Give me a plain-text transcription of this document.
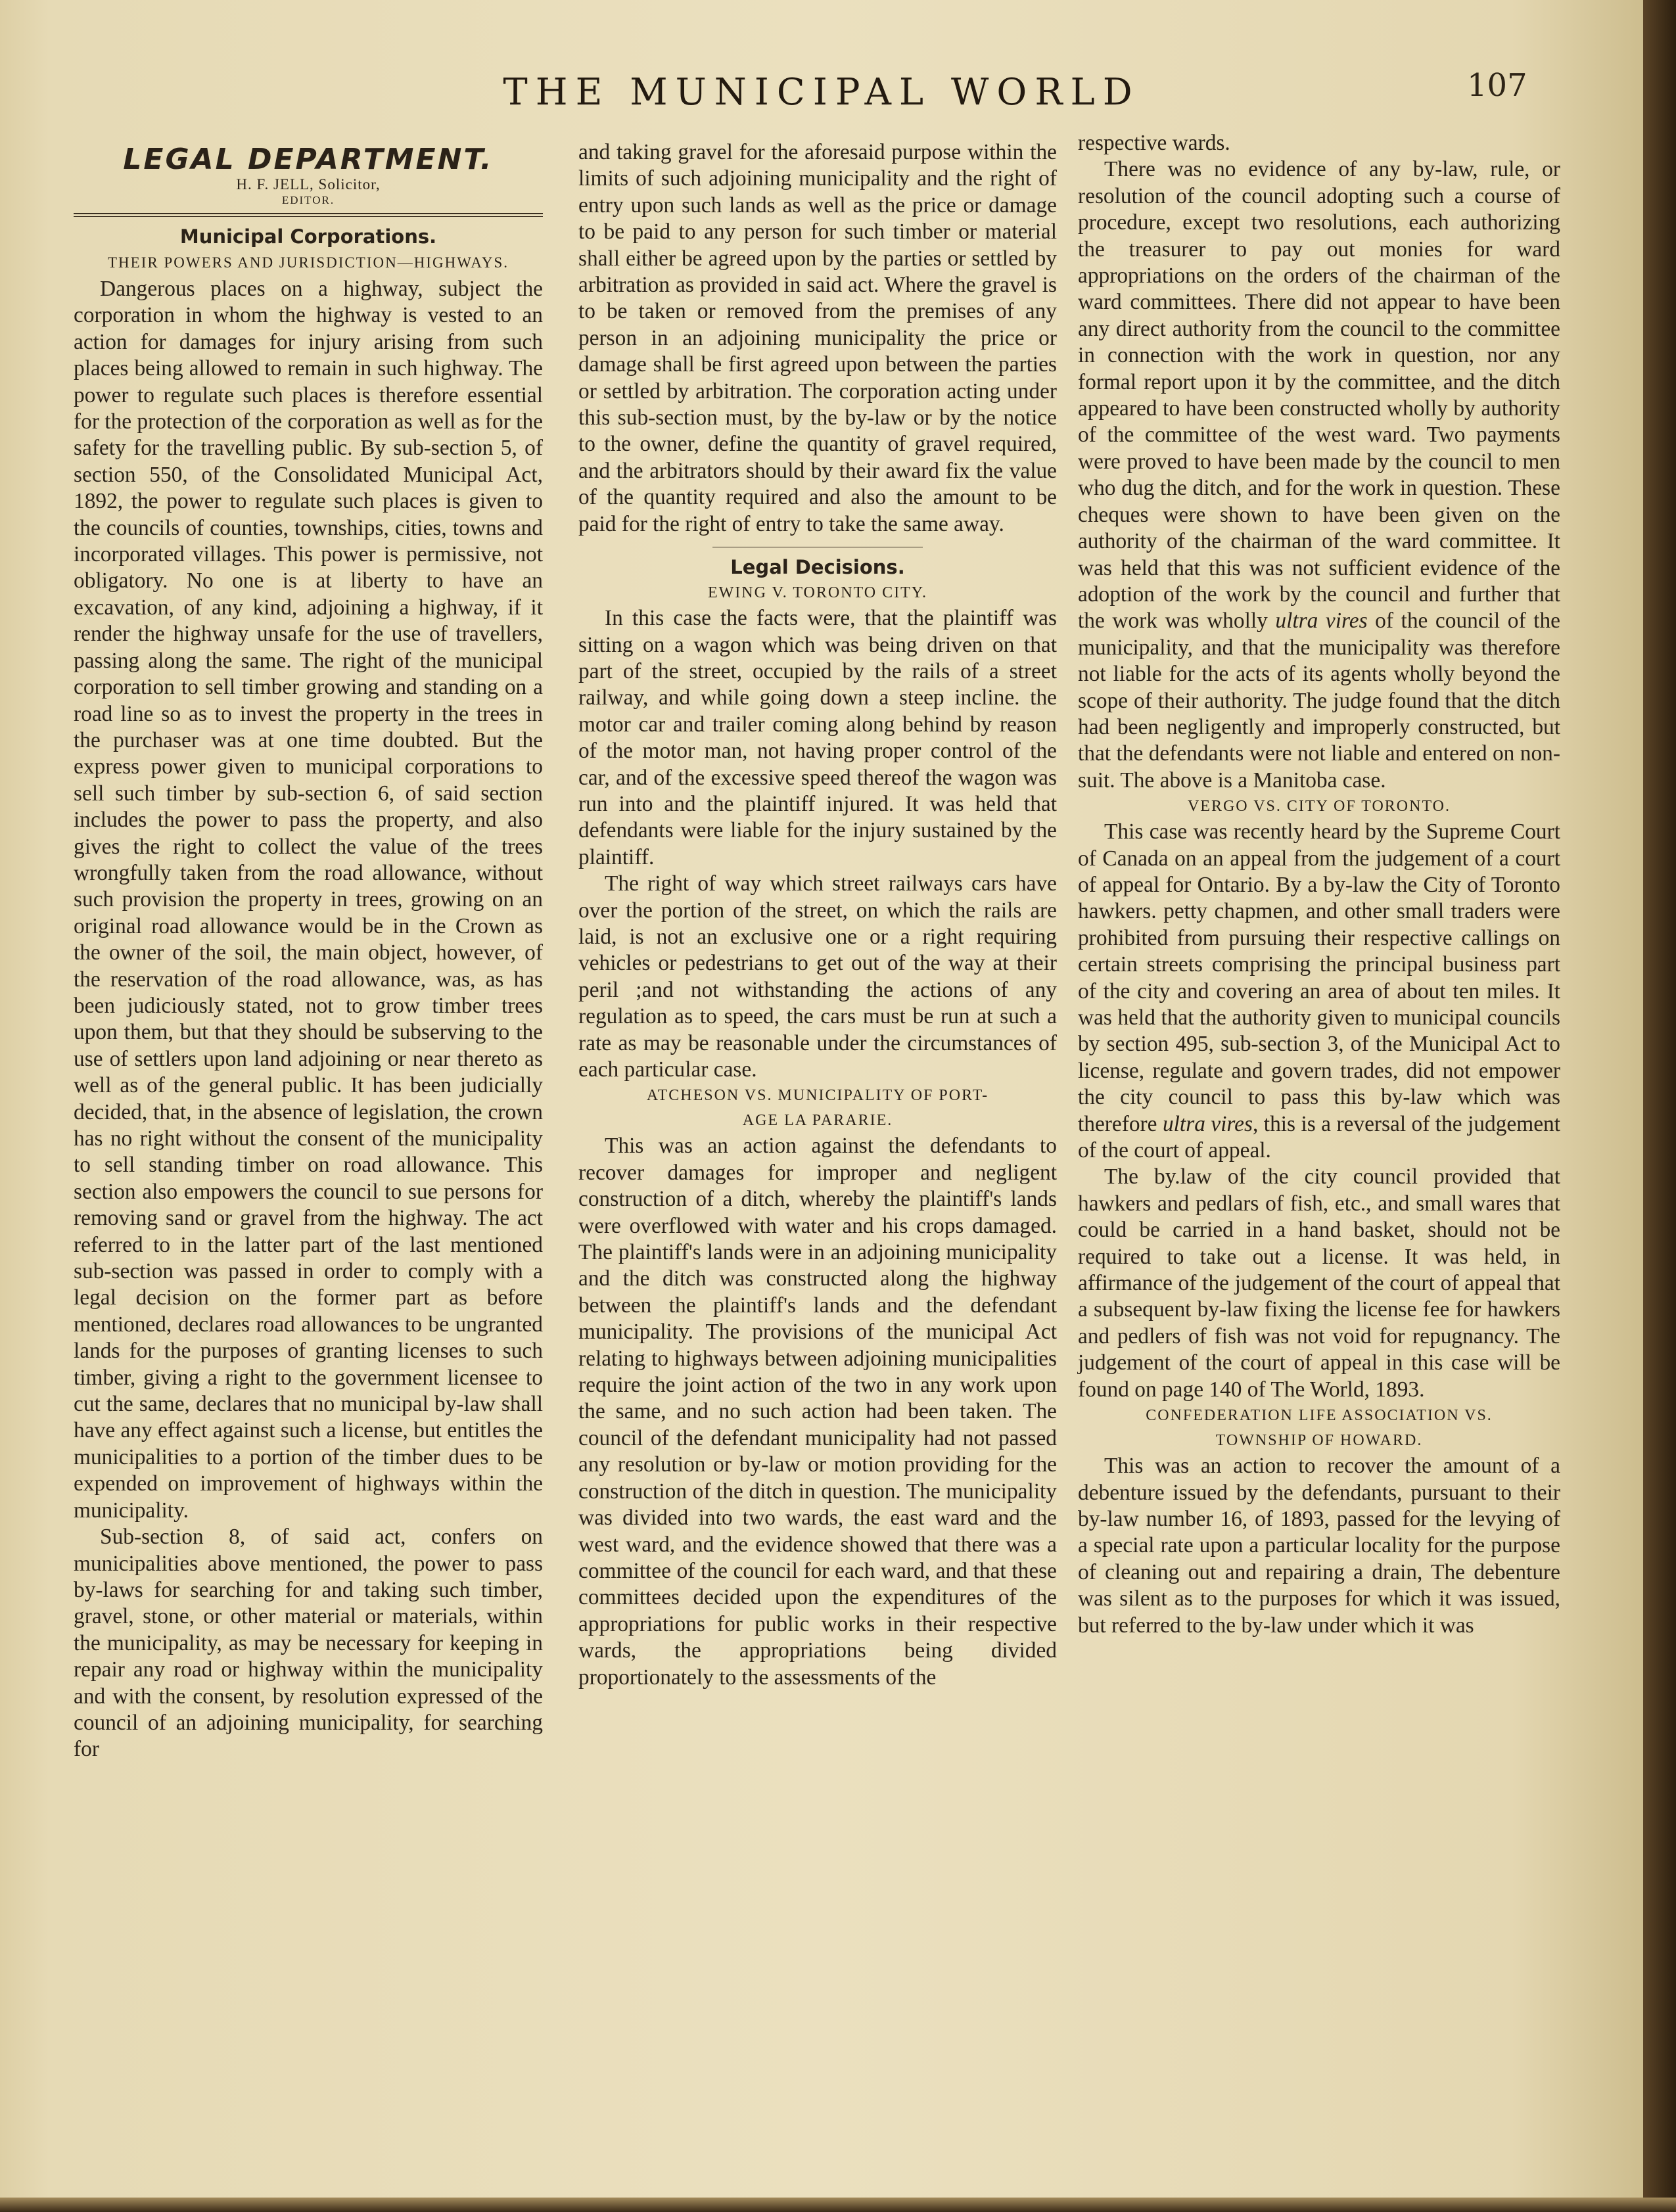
THE MUNICIPAL WORLD	107
LEGAL DEPARTMENT.
H. F. JELL, Solicitor,
EDITOR.
Municipal Corporations.
THEIR POWERS AND JURISDICTION—HIGHWAYS.

Dangerous places on a highway, subject the corporation in whom the highway is vested to an action for damages for injury arising from such places being allowed to remain in such highway. The power to regulate such places is therefore essential for the protection of the corporation as well as for the safety for the travelling public. By sub-section 5, of section 550, of the Consolidated Municipal Act, 1892, the power to regulate such places is given to the councils of counties, townships, cities, towns and incorporated villages. This power is permissive, not obligatory. No one is at liberty to have an excavation, of any kind, adjoining a highway, if it render the highway unsafe for the use of travellers, passing along the same. The right of the municipal corporation to sell timber growing and standing on a road line so as to invest the property in the trees in the purchaser was at one time doubted. But the express power given to municipal corporations to sell such timber by sub-section 6, of said section includes the power to pass the property, and also gives the right to collect the value of the trees wrongfully taken from the road allowance, without such provision the property in trees, growing on an original road allowance would be in the Crown as the owner of the soil, the main object, however, of the reservation of the road allowance, was, as has been judiciously stated, not to grow timber trees upon them, but that they should be subserving to the use of settlers upon land adjoining or near thereto as well as of the general public. It has been judicially decided, that, in the absence of legislation, the crown has no right without the consent of the municipality to sell standing timber on road allowance. This section also empowers the council to sue persons for removing sand or gravel from the highway. The act referred to in the latter part of the last mentioned sub-section was passed in order to comply with a legal decision on the former part as before mentioned, declares road allowances to be ungranted lands for the purposes of granting licenses to such timber, giving a right to the government licensee to cut the same, declares that no municipal by-law shall have any effect against such a license, but entitles the municipalities to a portion of the timber dues to be expended on improvement of highways within the municipality.

Sub-section 8, of said act, confers on municipalities above mentioned, the power to pass by-laws for searching for and taking such timber, gravel, stone, or other material or materials, within the municipality, as may be necessary for keeping in repair any road or highway within the municipality and with the consent, by resolution expressed of the council of an adjoining municipality, for searching for

and taking gravel for the aforesaid purpose within the limits of such adjoining municipality and the right of entry upon such lands as well as the price or damage to be paid to any person for such timber or material shall either be agreed upon by the parties or settled by arbitration as provided in said act. Where the gravel is to be taken or removed from the premises of any person in an adjoining municipality the price or damage shall be first agreed upon between the parties or settled by arbitration. The corporation acting under this sub-section must, by the by-law or by the notice to the owner, define the quantity of gravel required, and the arbitrators should by their award fix the value of the quantity required and also the amount to be paid for the right of entry to take the same away.

Legal Decisions.
EWING V. TORONTO CITY.

In this case the facts were, that the plaintiff was sitting on a wagon which was being driven on that part of the street, occupied by the rails of a street railway, and while going down a steep incline. the motor car and trailer coming along behind by reason of the motor man, not having proper control of the car, and of the excessive speed thereof the wagon was run into and the plaintiff injured. It was held that defendants were liable for the injury sustained by the plaintiff.

The right of way which street railways cars have over the portion of the street, on which the rails are laid, is not an exclusive one or a right requiring vehicles or pedestrians to get out of the way at their peril ;and not withstanding the actions of any regulation as to speed, the cars must be run at such a rate as may be reasonable under the circumstances of each particular case.

ATCHESON VS. MUNICIPALITY OF PORT-
AGE LA PARARIE.

This was an action against the defendants to recover damages for improper and negligent construction of a ditch, whereby the plaintiff's lands were overflowed with water and his crops damaged. The plaintiff's lands were in an adjoining municipality and the ditch was constructed along the highway between the plaintiff's lands and the defendant municipality. The provisions of the municipal Act relating to highways between adjoining municipalities require the joint action of the two in any work upon the same, and no such action had been taken. The council of the defendant municipality had not passed any resolution or by-law or motion providing for the construction of the ditch in question. The municipality was divided into two wards, the east ward and the west ward, and the evidence showed that there was a committee of the council for each ward, and that these committees decided upon the expenditures of the appropriations for public works in their respective wards, the appropriations being divided proportionately to the assessments of the

respective wards.

There was no evidence of any by-law, rule, or resolution of the council adopting such a course of procedure, except two resolutions, each authorizing the treasurer to pay out monies for ward appropriations on the orders of the chairman of the ward committees. There did not appear to have been any direct authority from the council to the committee in connection with the work in question, nor any formal report upon it by the committee, and the ditch appeared to have been constructed wholly by authority of the committee of the west ward. Two payments were proved to have been made by the council to men who dug the ditch, and for the work in question. These cheques were shown to have been given on the authority of the chairman of the ward committee. It was held that this was not sufficient evidence of the adoption of the work by the council and further that the work was wholly ultra vires of the council of the municipality, and that the municipality was therefore not liable for the acts of its agents wholly beyond the scope of their authority. The judge found that the ditch had been negligently and improperly constructed, but that the defendants were not liable and entered on non-suit. The above is a Manitoba case.

VERGO VS. CITY OF TORONTO.

This case was recently heard by the Supreme Court of Canada on an appeal from the judgement of a court of appeal for Ontario. By a by-law the City of Toronto hawkers. petty chapmen, and other small traders were prohibited from pursuing their respective callings on certain streets comprising the principal business part of the city and covering an area of about ten miles. It was held that the authority given to municipal councils by section 495, sub-section 3, of the Municipal Act to license, regulate and govern trades, did not empower the city council to pass this by-law which was therefore ultra vires, this is a reversal of the judgement of the court of appeal.

The by.law of the city council provided that hawkers and pedlars of fish, etc., and small wares that could be carried in a hand basket, should not be required to take out a license. It was held, in affirmance of the judgement of the court of appeal that a subsequent by-law fixing the license fee for hawkers and pedlers of fish was not void for repugnancy. The judgement of the court of appeal in this case will be found on page 140 of The World, 1893.

CONFEDERATION LIFE ASSOCIATION VS.
TOWNSHIP OF HOWARD.

This was an action to recover the amount of a debenture issued by the defendants, pursuant to their by-law number 16, of 1893, passed for the levying of a special rate upon a particular locality for the purpose of cleaning out and repairing a drain, The debenture was silent as to the purposes for which it was issued, but referred to the by-law under which it was
